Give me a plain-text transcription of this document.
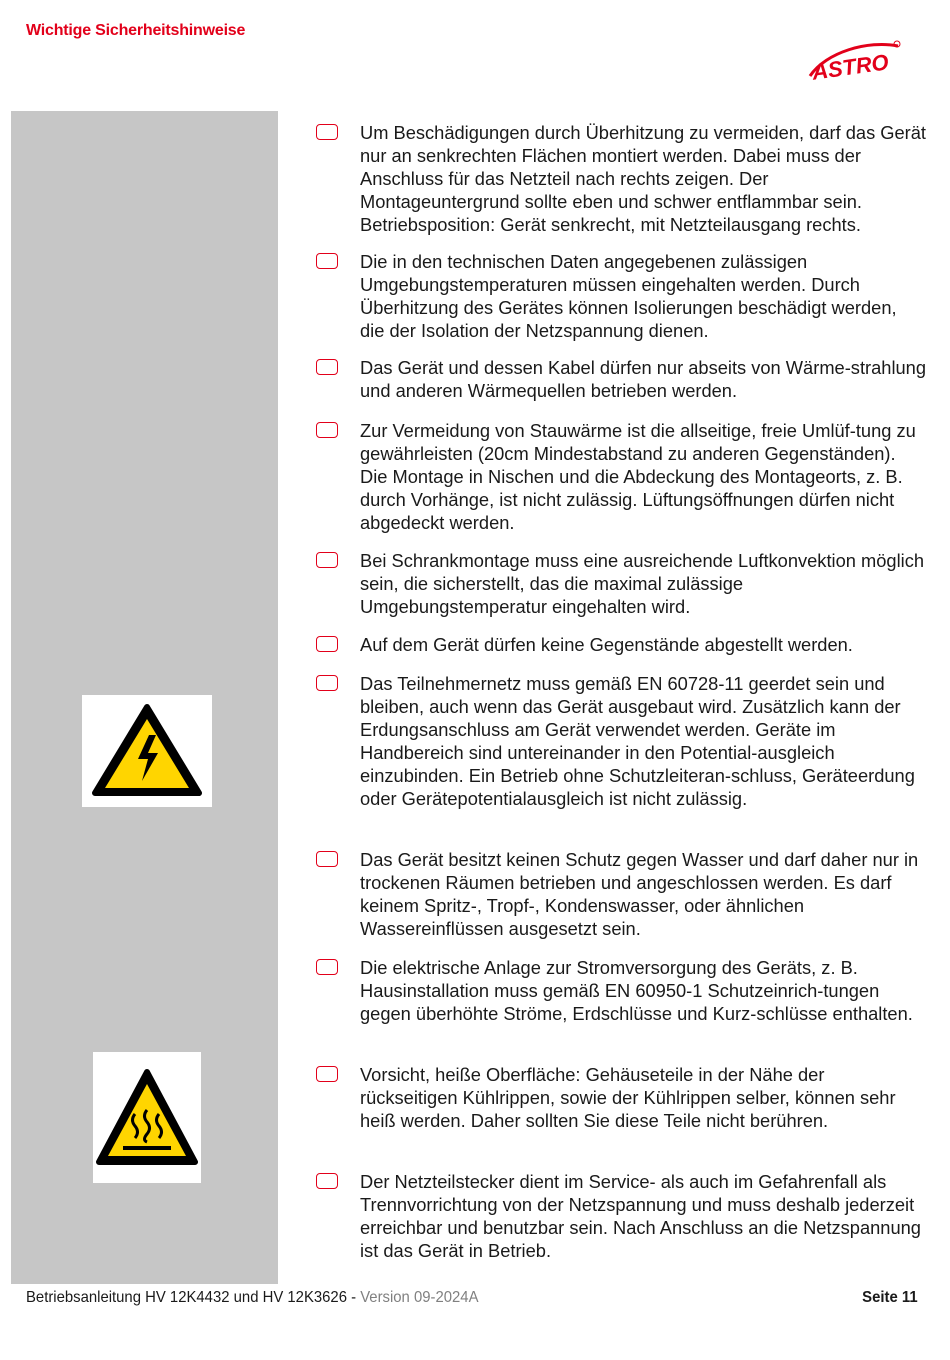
Wichtige Sicherheitshinweise
ASTRO

Um Beschädigungen durch Überhitzung zu vermeiden, darf das Gerät nur an senkrechten Flächen montiert werden. Dabei muss der Anschluss für das Netzteil nach rechts zeigen. Der Montageuntergrund sollte eben und schwer entflammbar sein. Betriebsposition: Gerät senkrecht, mit Netzteilausgang rechts.

Die in den technischen Daten angegebenen zulässigen Umgebungstemperaturen müssen eingehalten werden. Durch Überhitzung des Gerätes können Isolierungen beschädigt werden, die der Isolation der Netzspannung dienen.

Das Gerät und dessen Kabel dürfen nur abseits von Wärme-strahlung und anderen Wärmequellen betrieben werden.

Zur Vermeidung von Stauwärme ist die allseitige, freie Umlüf-tung zu gewährleisten (20cm Mindestabstand zu anderen Gegenständen). Die Montage in Nischen und die Abdeckung des Montageorts, z. B. durch Vorhänge, ist nicht zulässig. Lüftungsöffnungen dürfen nicht abgedeckt werden.

Bei Schrankmontage muss eine ausreichende Luftkonvektion möglich sein, die sicherstellt, das die maximal zulässige Umgebungstemperatur eingehalten wird.

Auf dem Gerät dürfen keine Gegenstände abgestellt werden.

Das Teilnehmernetz muss gemäß EN 60728-11 geerdet sein und bleiben, auch wenn das Gerät ausgebaut wird. Zusätzlich kann der Erdungsanschluss am Gerät verwendet werden. Geräte im Handbereich sind untereinander in den Potential-ausgleich einzubinden. Ein Betrieb ohne Schutzleiteran-schluss, Geräteerdung oder Gerätepotentialausgleich ist nicht zulässig.

Das Gerät besitzt keinen Schutz gegen Wasser und darf daher nur in trockenen Räumen betrieben und angeschlossen werden. Es darf keinem Spritz-, Tropf-, Kondenswasser, oder ähnlichen Wassereinflüssen ausgesetzt sein.

Die elektrische Anlage zur Stromversorgung des Geräts, z. B. Hausinstallation muss gemäß EN 60950-1 Schutzeinrich-tungen gegen überhöhte Ströme, Erdschlüsse und Kurz-schlüsse enthalten.

Vorsicht, heiße Oberfläche: Gehäuseteile in der Nähe der rückseitigen Kühlrippen, sowie der Kühlrippen selber, können sehr heiß werden. Daher sollten Sie diese Teile nicht berühren.

Der Netzteilstecker dient im Service- als auch im Gefahrenfall als Trennvorrichtung von der Netzspannung und muss deshalb jederzeit erreichbar und benutzbar sein. Nach Anschluss an die Netzspannung ist das Gerät in Betrieb.

Betriebsanleitung HV 12K4432 und HV 12K3626 - Version 09-2024A	Seite 11
